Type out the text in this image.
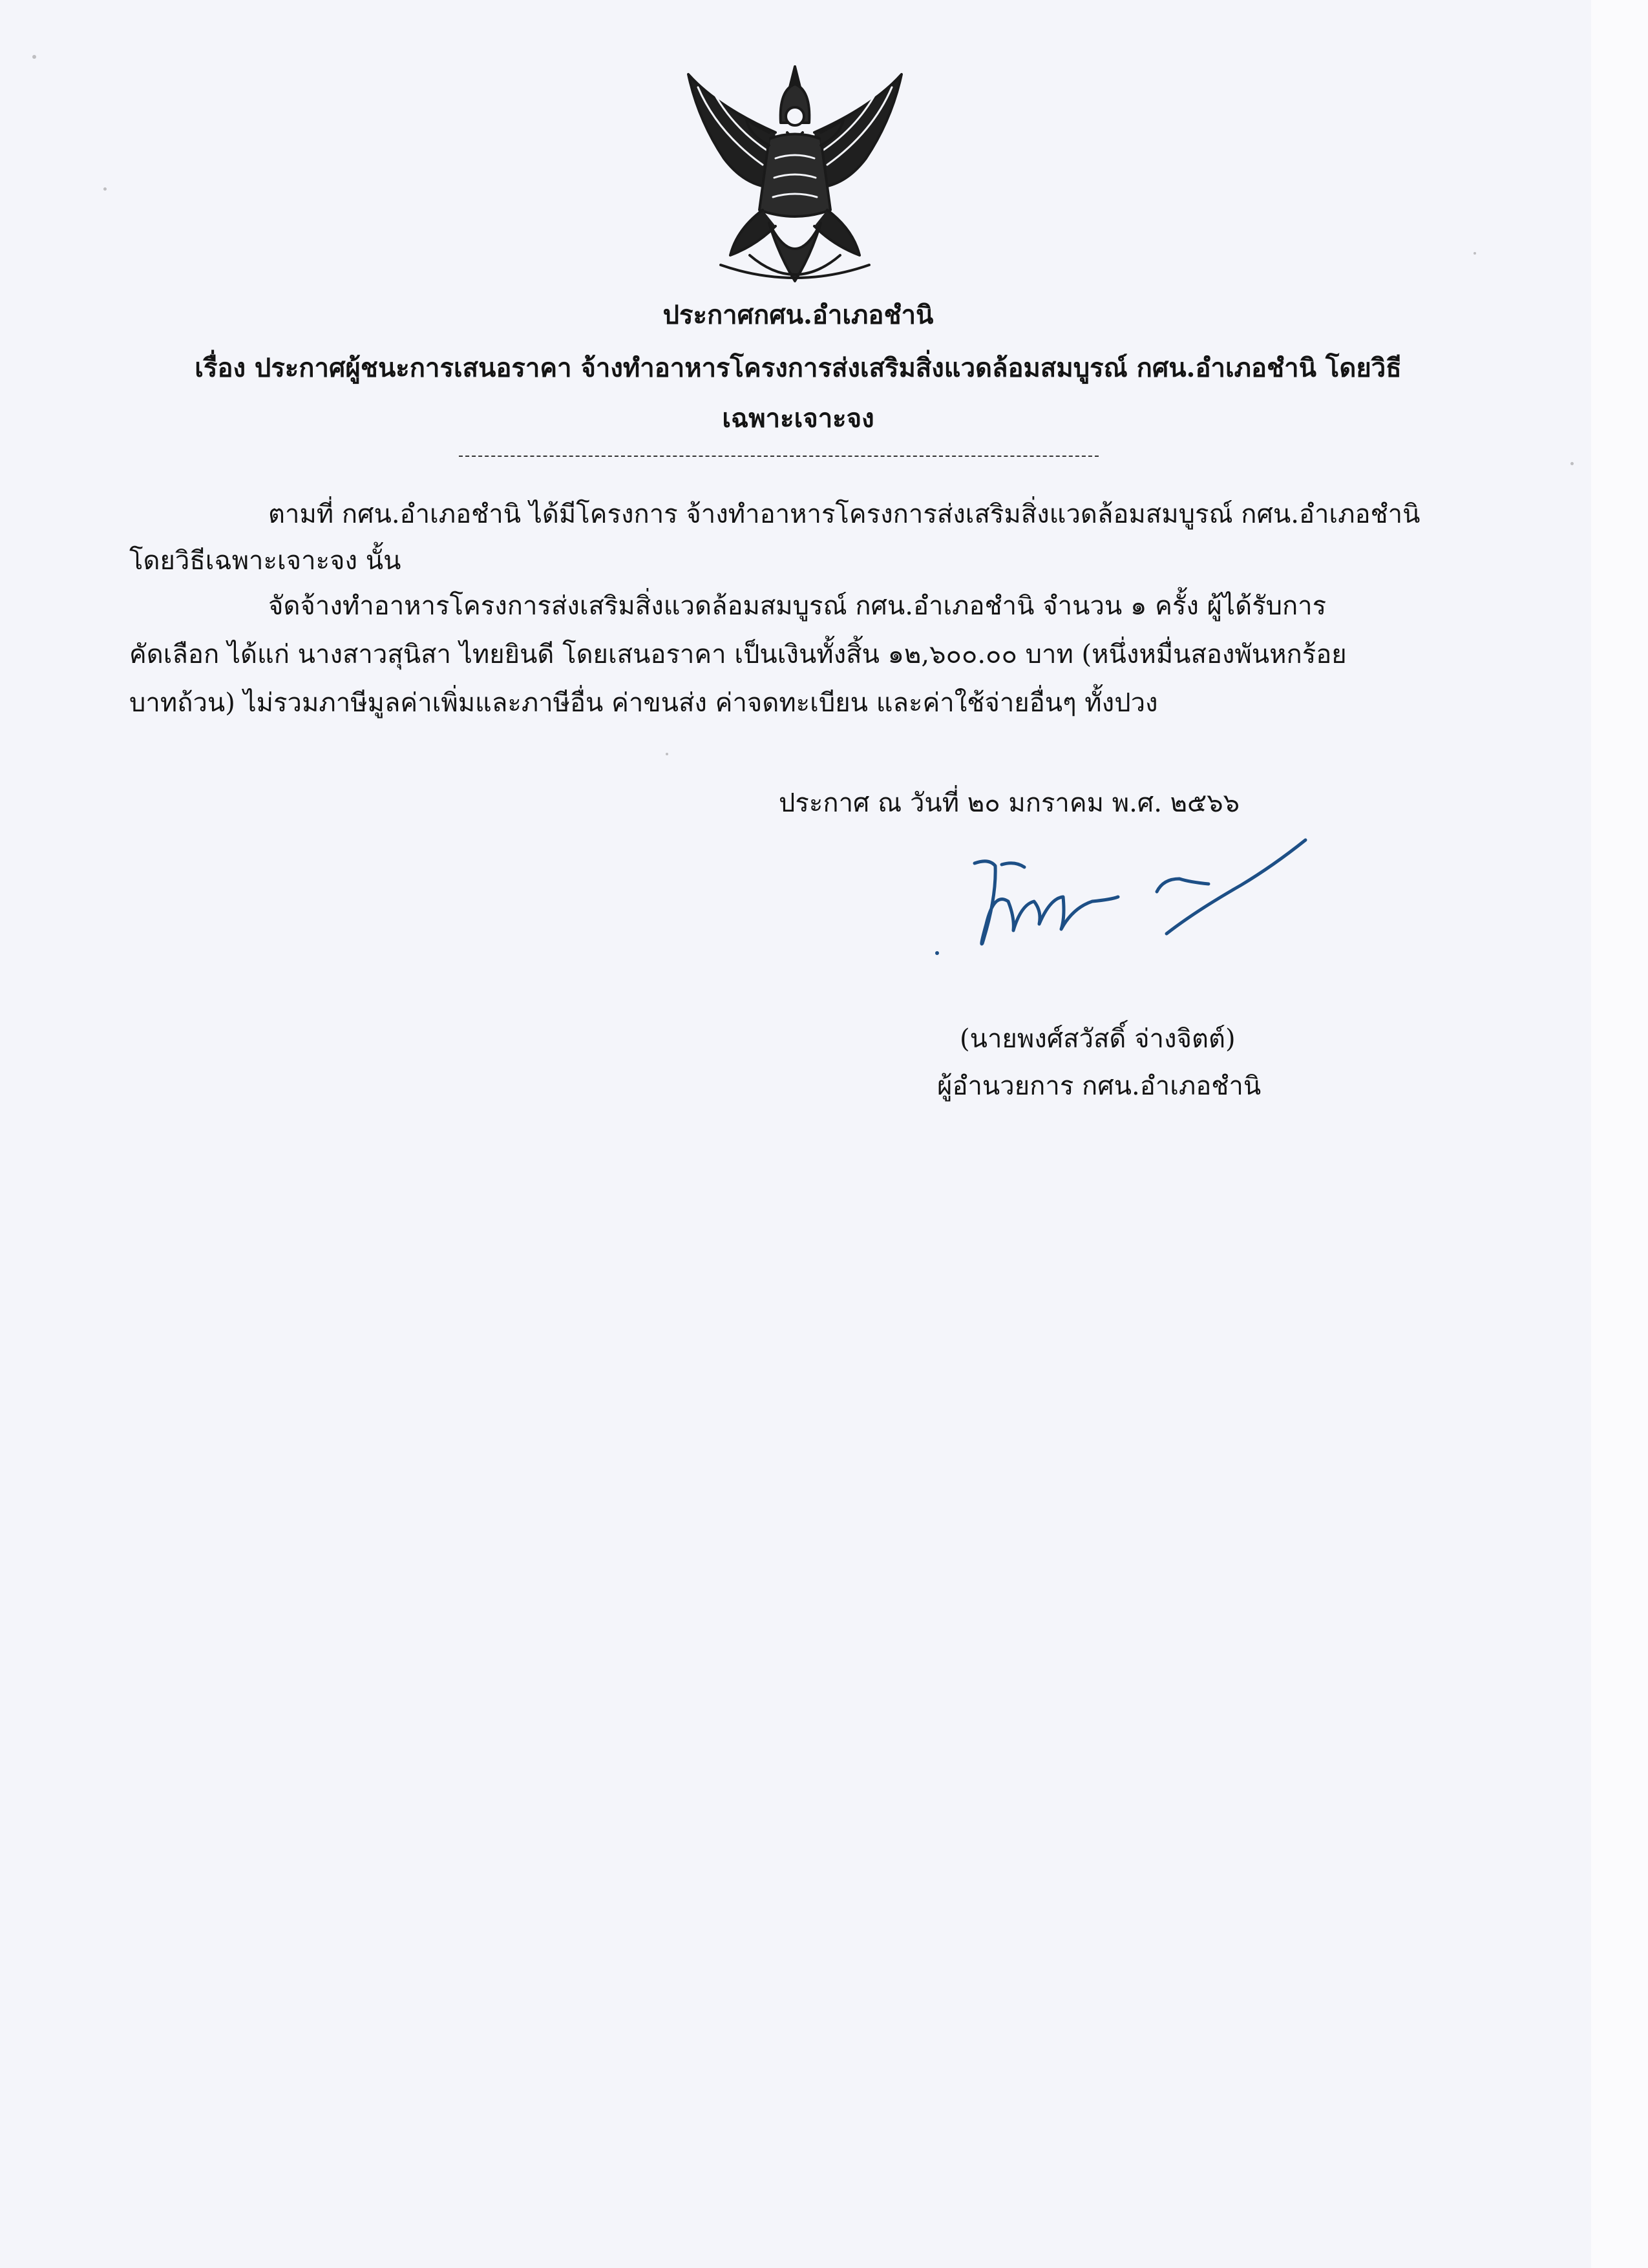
ประกาศกศน.อำเภอชำนิ
เรื่อง ประกาศผู้ชนะการเสนอราคา จ้างทำอาหารโครงการส่งเสริมสิ่งแวดล้อมสมบูรณ์ กศน.อำเภอชำนิ โดยวิธี
เฉพาะเจาะจง
ตามที่ กศน.อำเภอชำนิ ได้มีโครงการ จ้างทำอาหารโครงการส่งเสริมสิ่งแวดล้อมสมบูรณ์ กศน.อำเภอชำนิ
โดยวิธีเฉพาะเจาะจง นั้น
จัดจ้างทำอาหารโครงการส่งเสริมสิ่งแวดล้อมสมบูรณ์ กศน.อำเภอชำนิ จำนวน ๑ ครั้ง ผู้ได้รับการ
คัดเลือก ได้แก่ นางสาวสุนิสา ไทยยินดี โดยเสนอราคา เป็นเงินทั้งสิ้น ๑๒,๖๐๐.๐๐ บาท (หนึ่งหมื่นสองพันหกร้อย
บาทถ้วน) ไม่รวมภาษีมูลค่าเพิ่มและภาษีอื่น ค่าขนส่ง ค่าจดทะเบียน และค่าใช้จ่ายอื่นๆ ทั้งปวง
ประกาศ ณ วันที่ ๒๐ มกราคม พ.ศ. ๒๕๖๖
(นายพงศ์สวัสดิ์ จ่างจิตต์)
ผู้อำนวยการ กศน.อำเภอชำนิ
